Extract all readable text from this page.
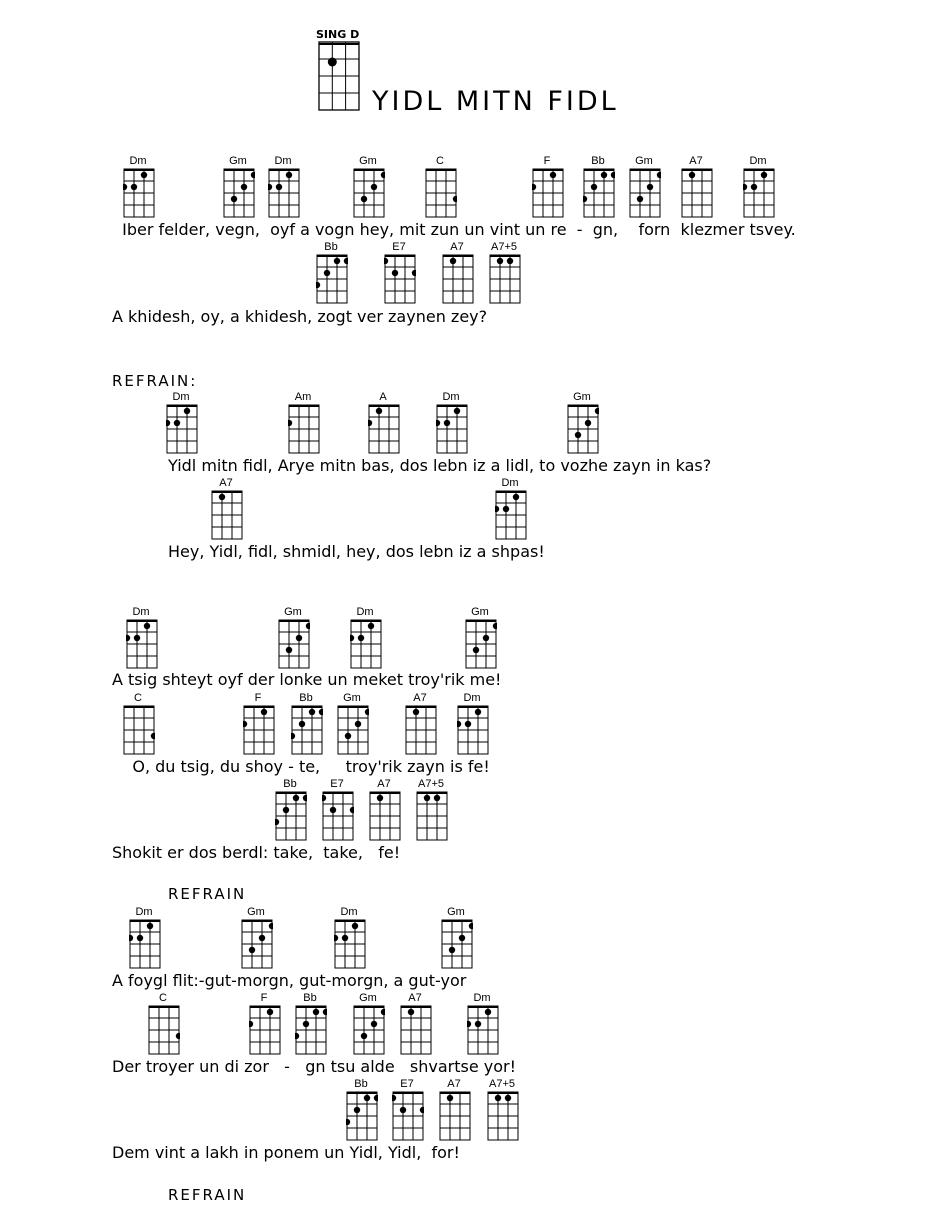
SING D
YIDL MITN FIDL
Iber felder, vegn,  oyf a vogn hey, mit zun un vint un re  -  gn,    forn  klezmer tsvey.
A khidesh, oy, a khidesh, zogt ver zaynen zey?
REFRAIN:
Yidl mitn fidl, Arye mitn bas, dos lebn iz a lidl, to vozhe zayn in kas?
Hey, Yidl, fidl, shmidl, hey, dos lebn iz a shpas!
A tsig shteyt oyf der lonke un meket troy'rik me!
O, du tsig, du shoy - te,     troy'rik zayn is fe!
Shokit er dos berdl: take,  take,   fe!
REFRAIN
A foygl flit:-gut-morgn, gut-morgn, a gut-yor
Der troyer un di zor   -   gn tsu alde   shvartse yor!
Dem vint a lakh in ponem un Yidl, Yidl,  for!
REFRAIN
Dm	Gm	Dm	Gm	C	F	Bb	Gm	A7	Dm
Bb	E7	A7	A7+5
Dm	Am	A	Dm	Gm
A7	Dm
Dm	Gm	Dm	Gm
C	F	Bb	Gm	A7	Dm
Bb	E7	A7	A7+5
Dm	Gm	Dm	Gm
C	F	Bb	Gm	A7	Dm
Bb	E7	A7	A7+5
